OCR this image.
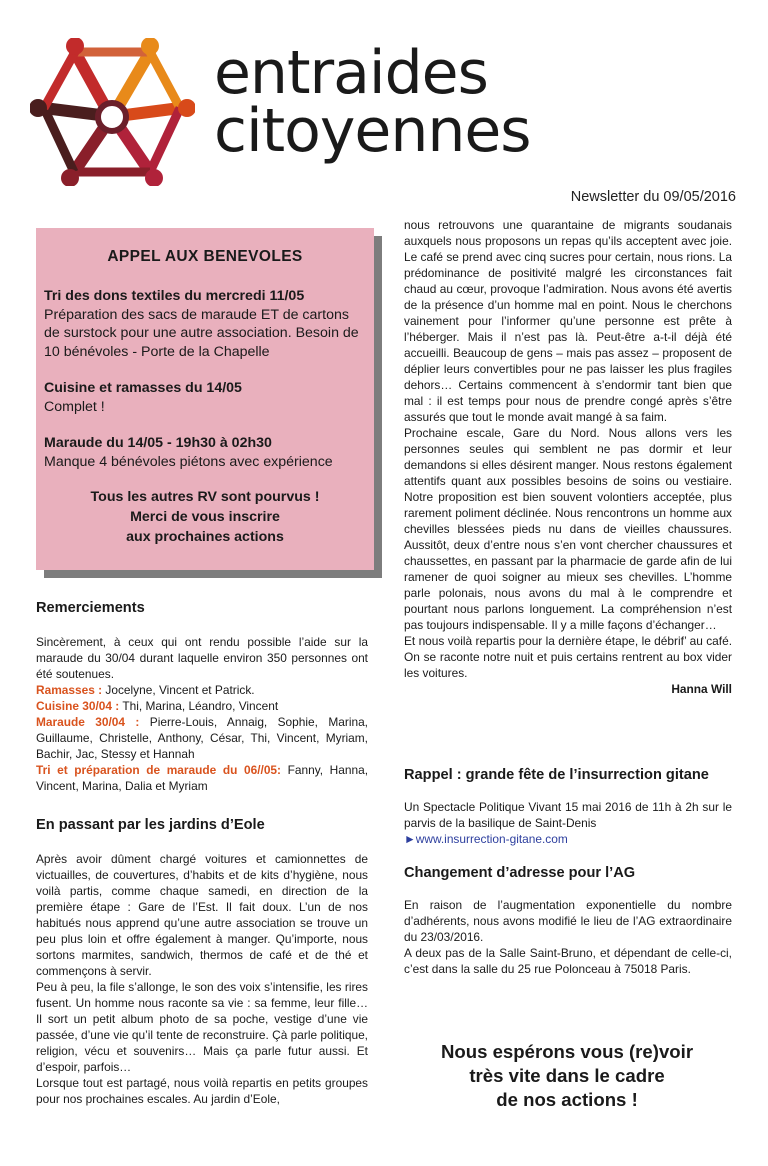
entraides
citoyennes
Newsletter du 09/05/2016
APPEL AUX BENEVOLES
Tri des dons textiles du mercredi 11/05
Préparation des sacs de maraude ET de cartons de surstock pour une autre association. Besoin de 10 bénévoles - Porte de la Chapelle
Cuisine et ramasses du 14/05
Complet !
Maraude du 14/05 - 19h30 à 02h30
Manque 4 bénévoles piétons avec expérience
Tous les autres RV sont pourvus !
Merci de vous inscrire
aux prochaines actions

Remerciements

Sincèrement, à ceux qui ont rendu possible l’aide sur la maraude du 30/04 durant laquelle environ 350 personnes ont été soutenues.

Ramasses : Jocelyne, Vincent et Patrick.

Cuisine 30/04 : Thi, Marina, Léandro, Vincent

Maraude 30/04 : Pierre-Louis, Annaig, Sophie, Marina, Guillaume, Christelle, Anthony, César, Thi, Vincent, Myriam, Bachir, Jac, Stessy et Hannah

Tri et préparation de maraude du 06//05: Fanny, Hanna, Vincent, Marina, Dalia et Myriam

En passant par les jardins d’Eole

Après avoir dûment chargé voitures et camionnettes de victuailles, de couvertures, d’habits et de kits d’hygiène, nous voilà partis, comme chaque samedi, en direction de la première étape : Gare de l’Est. Il fait doux. L’un de nos habitués nous apprend qu’une autre association se trouve un peu plus loin et offre également à manger. Qu’importe, nous sortons marmites, sandwich, thermos de café et de thé et commençons à servir.

Peu à peu, la file s’allonge, le son des voix s’intensifie, les rires fusent. Un homme nous raconte sa vie : sa femme, leur fille… Il sort un petit album photo de sa poche, vestige d’une vie passée, d’une vie qu’il tente de reconstruire. Çà parle politique, religion, vécu et souvenirs… Mais ça parle futur aussi. Et d’espoir, parfois…

Lorsque tout est partagé, nous voilà repartis en petits groupes pour nos prochaines escales. Au jardin d’Eole,

nous retrouvons une quarantaine de migrants soudanais auxquels nous proposons un repas qu’ils acceptent avec joie. Le café se prend avec cinq sucres pour certain, nous rions. La prédominance de positivité malgré les circonstances fait chaud au cœur, provoque l’admiration. Nous avons été avertis de la présence d’un homme mal en point. Nous le cherchons vainement pour l’informer qu’une personne est prête à l’héberger. Mais il n’est pas là. Peut-être a-t-il déjà été accueilli. Beaucoup de gens – mais pas assez – proposent de déplier leurs convertibles pour ne pas laisser les plus fragiles dehors… Certains commencent à s’endormir tant bien que mal : il est temps pour nous de prendre congé après s’être assurés que tout le monde avait mangé à sa faim.

Prochaine escale, Gare du Nord. Nous allons vers les personnes seules qui semblent ne pas dormir et leur demandons si elles désirent manger. Nous restons également attentifs quant aux possibles besoins de soins ou vestiaire. Notre proposition est bien souvent volontiers acceptée, plus rarement poliment déclinée. Nous rencontrons un homme aux chevilles blessées pieds nu dans de vieilles chaussures. Aussitôt, deux d’entre nous s’en vont chercher chaussures et chaussettes, en passant par la pharmacie de garde afin de lui ramener de quoi soigner au mieux ses chevilles. L’homme parle polonais, nous avons du mal à le comprendre et pourtant nous parlons longuement. La compréhension n’est pas toujours indispensable. Il y a mille façons d’échanger…

Et nous voilà repartis pour la dernière étape, le débrif’ au café. On se raconte notre nuit et puis certains rentrent au box vider les voitures.

Hanna Will

Rappel : grande fête de l’insurrection gitane

Un Spectacle Politique Vivant 15 mai 2016 de 11h à 2h sur le parvis de la basilique de Saint-Denis

►www.insurrection-gitane.com

Changement d’adresse pour l’AG

En raison de l’augmentation exponentielle du nombre d’adhérents, nous avons modifié le lieu de l’AG extraordinaire du 23/03/2016.

A deux pas de la Salle Saint-Bruno, et dépendant de celle-ci, c’est dans la salle du 25 rue Polonceau à 75018 Paris.

Nous espérons vous (re)voir
très vite dans le cadre
de nos actions !
